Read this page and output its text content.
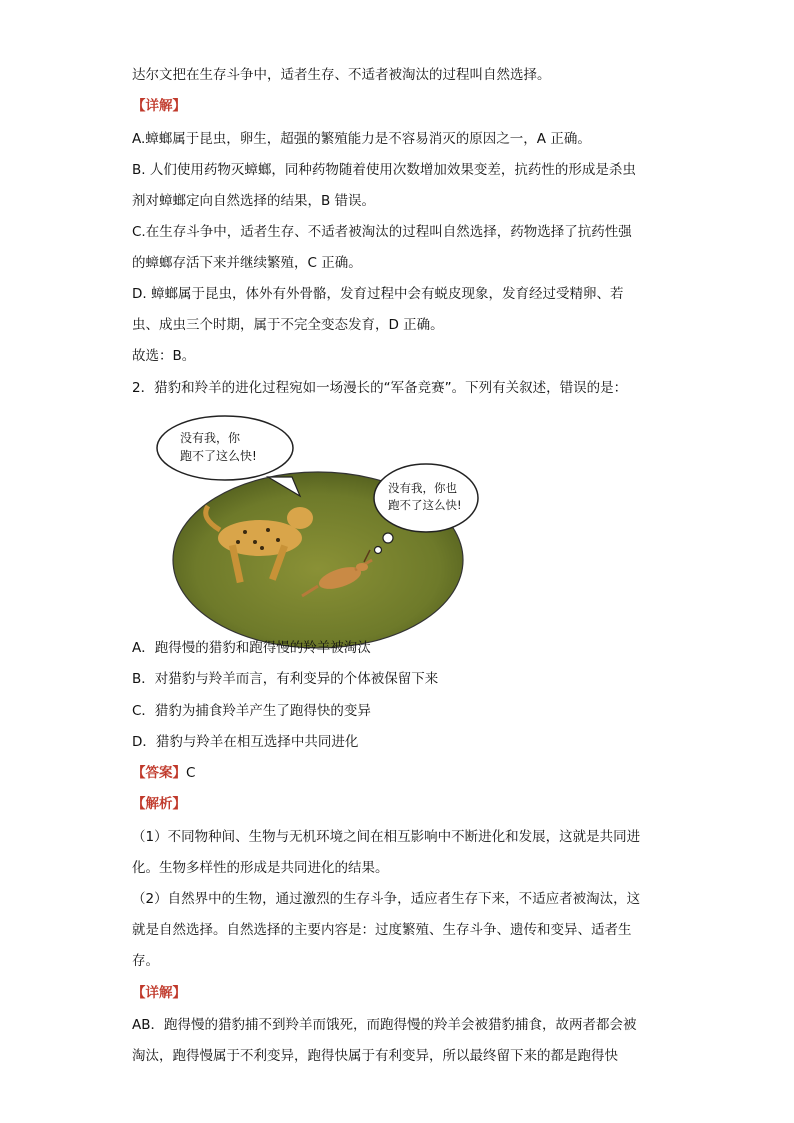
达尔文把在生存斗争中，适者生存、不适者被淘汰的过程叫自然选择。
【详解】
A.蟑螂属于昆虫，卵生，超强的繁殖能力是不容易消灭的原因之一，A 正确。
B. 人们使用药物灭蟑螂，同种药物随着使用次数增加效果变差，抗药性的形成是杀虫
剂对蟑螂定向自然选择的结果，B 错误。
C.在生存斗争中，适者生存、不适者被淘汰的过程叫自然选择，药物选择了抗药性强
的蟑螂存活下来并继续繁殖，C 正确。
D. 蟑螂属于昆虫，体外有外骨骼，发育过程中会有蜕皮现象，发育经过受精卵、若
虫、成虫三个时期，属于不完全变态发育，D 正确。
故选：B。
2．猎豹和羚羊的进化过程宛如一场漫长的“军备竞赛”。下列有关叙述，错误的是：
没有我，你
跑不了这么快!
没有我，你也
跑不了这么快!
A．跑得慢的猎豹和跑得慢的羚羊被淘汰
B．对猎豹与羚羊而言，有利变异的个体被保留下来
C．猎豹为捕食羚羊产生了跑得快的变异
D．猎豹与羚羊在相互选择中共同进化
【答案】C
【解析】
（1）不同物种间、生物与无机环境之间在相互影响中不断进化和发展，这就是共同进
化。生物多样性的形成是共同进化的结果。
（2）自然界中的生物，通过激烈的生存斗争，适应者生存下来，不适应者被淘汰，这
就是自然选择。自然选择的主要内容是：过度繁殖、生存斗争、遗传和变异、适者生
存。
【详解】
AB．跑得慢的猎豹捕不到羚羊而饿死，而跑得慢的羚羊会被猎豹捕食，故两者都会被
淘汰，跑得慢属于不利变异，跑得快属于有利变异，所以最终留下来的都是跑得快
